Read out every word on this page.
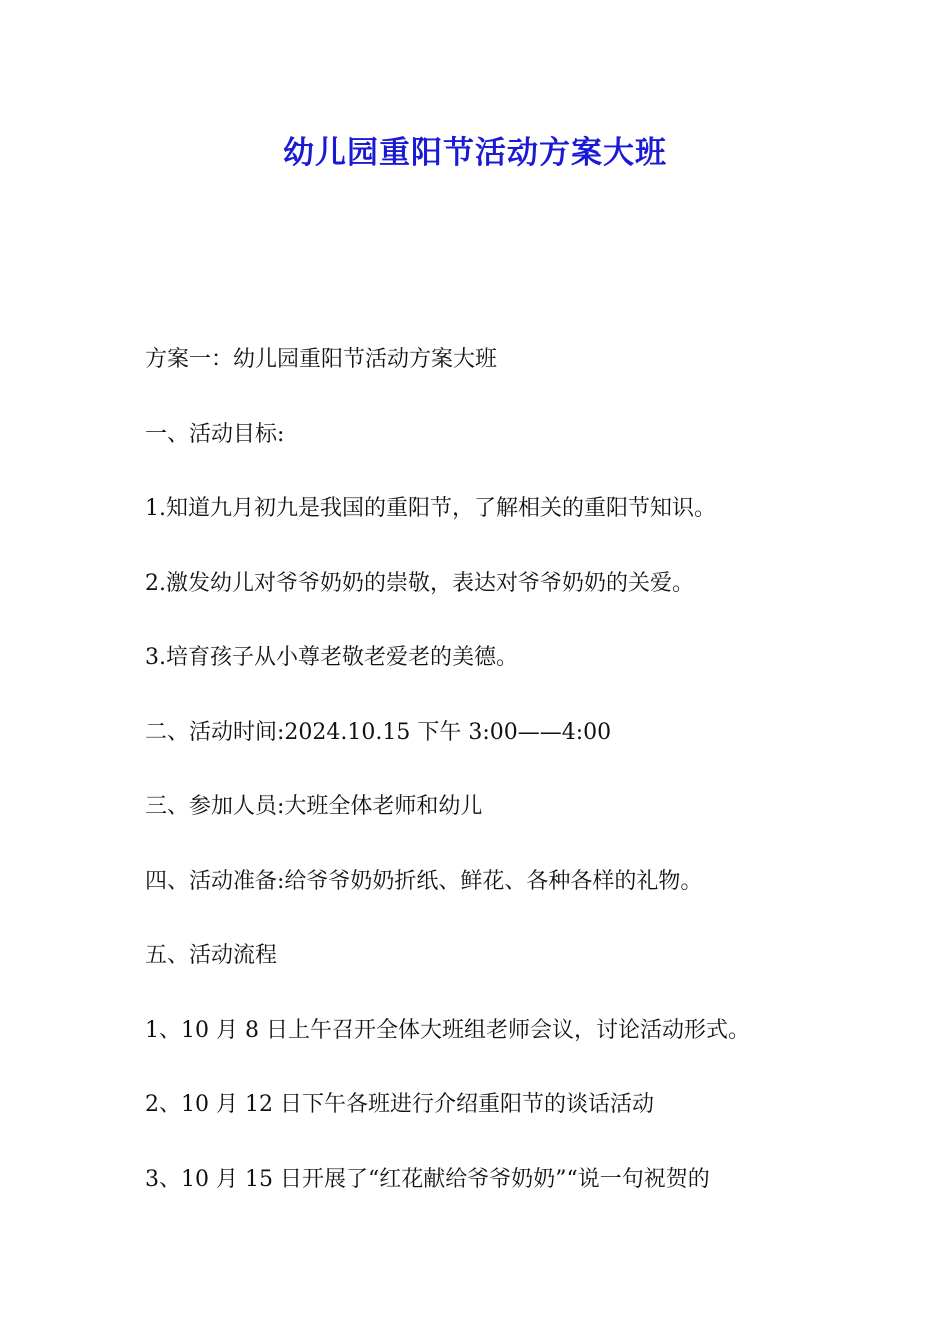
幼儿园重阳节活动方案大班

方案一：幼儿园重阳节活动方案大班

一、活动目标:

1.知道九月初九是我国的重阳节，了解相关的重阳节知识。

2.激发幼儿对爷爷奶奶的崇敬，表达对爷爷奶奶的关爱。

3.培育孩子从小尊老敬老爱老的美德。

二、活动时间:2024.10.15 下午 3:00——4:00

三、参加人员:大班全体老师和幼儿

四、活动准备:给爷爷奶奶折纸、鲜花、各种各样的礼物。

五、活动流程

1、10 月 8 日上午召开全体大班组老师会议，讨论活动形式。

2、10 月 12 日下午各班进行介绍重阳节的谈话活动

3、10 月 15 日开展了“红花献给爷爷奶奶”“说一句祝贺的
